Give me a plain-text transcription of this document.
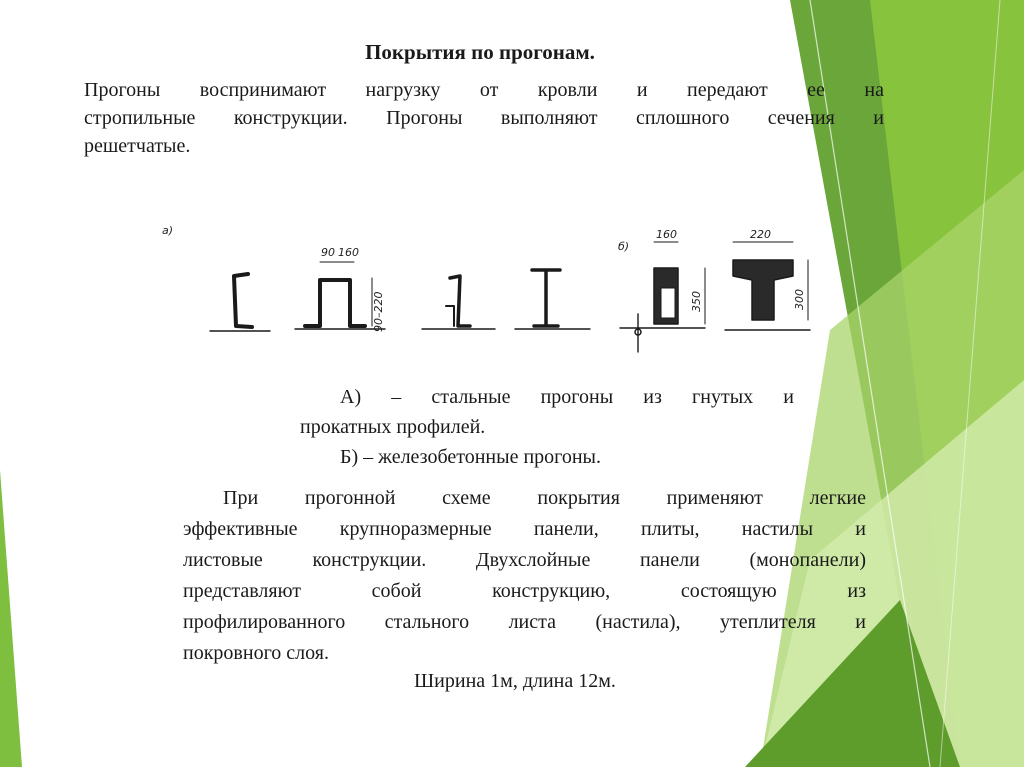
Покрытия по прогонам.
Прогоны воспринимают нагрузку от кровли и передают ее на
стропильные конструкции. Прогоны выполняют сплошного сечения и
решетчатые.
а)
б)
90 160
90–220
160
350
220
300
А) – стальные прогоны из гнутых и
прокатных профилей.
Б) – железобетонные прогоны.
При прогонной схеме покрытия применяют легкие
эффективные крупноразмерные панели, плиты, настилы и
листовые конструкции. Двухслойные панели (монопанели)
представляют собой конструкцию, состоящую из
профилированного стального листа (настила), утеплителя и
покровного слоя.
Ширина 1м, длина 12м.
